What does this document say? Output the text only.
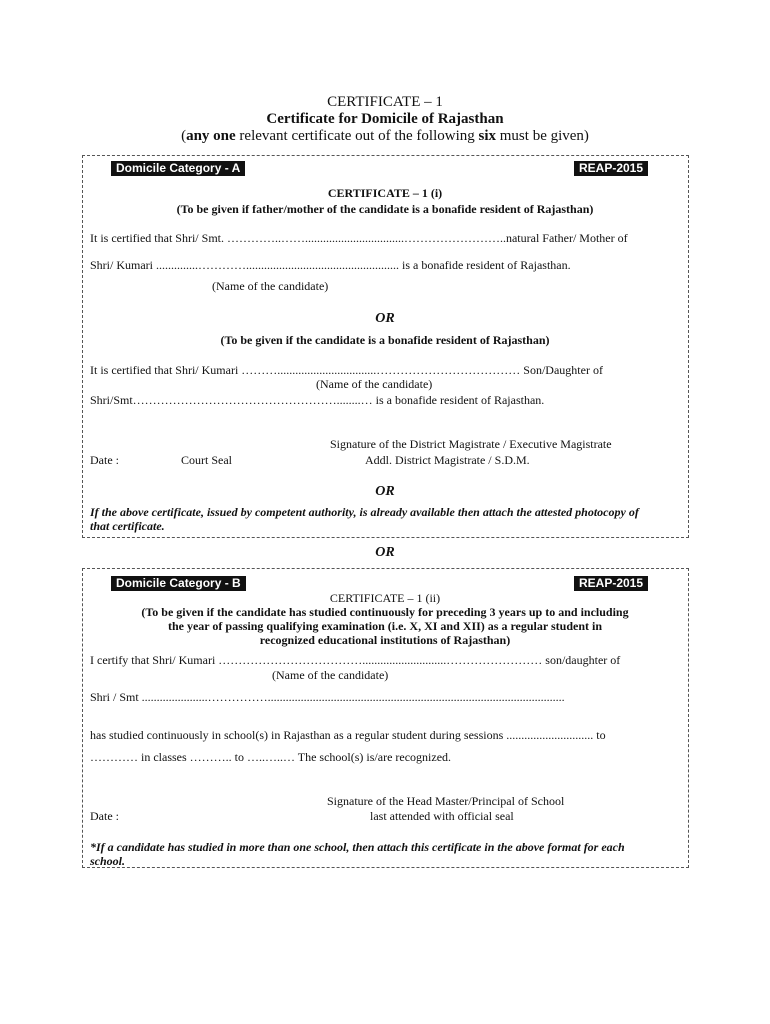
CERTIFICATE – 1
Certificate for Domicile of Rajasthan
(any one relevant certificate out of the following six must be given)
Domicile Category - A	REAP-2015
CERTIFICATE – 1 (i)
(To be given if father/mother of the candidate is a bonafide resident of Rajasthan)
It is certified that Shri/ Smt. …………..…….................................……………………..natural Father/ Mother of
Shri/ Kumari ..............…………................................................... is a bonafide resident of Rajasthan.
(Name of the candidate)
OR
(To be given if the candidate is a bonafide resident of Rajasthan)
It is certified that Shri/ Kumari ……….................................……………………………… Son/Daughter of
(Name of the candidate)
Shri/Smt……………………………………………........… is a bonafide resident of Rajasthan.
Signature of the District Magistrate / Executive Magistrate
Date :	Court Seal	Addl. District Magistrate / S.D.M.
OR
If the above certificate, issued by competent authority, is already available then attach the attested photocopy of
that certificate.
OR
Domicile Category - B	REAP-2015
CERTIFICATE – 1 (ii)
(To be given if the candidate has studied continuously for preceding 3 years up to and including
the year of passing qualifying examination (i.e. X, XI and XII) as a regular student in
recognized educational institutions of Rajasthan)
I certify that Shri/ Kumari ………………………………............................…………………… son/daughter of
(Name of the candidate)
Shri / Smt ......................……………...................................................................................................
has studied continuously in school(s) in Rajasthan as a regular student during sessions ............................. to
………… in classes ……….. to …..…..… The school(s) is/are recognized.
Signature of the Head Master/Principal of School
Date :	last attended with official seal
*If a candidate has studied in more than one school, then attach this certificate in the above format for each
school.
